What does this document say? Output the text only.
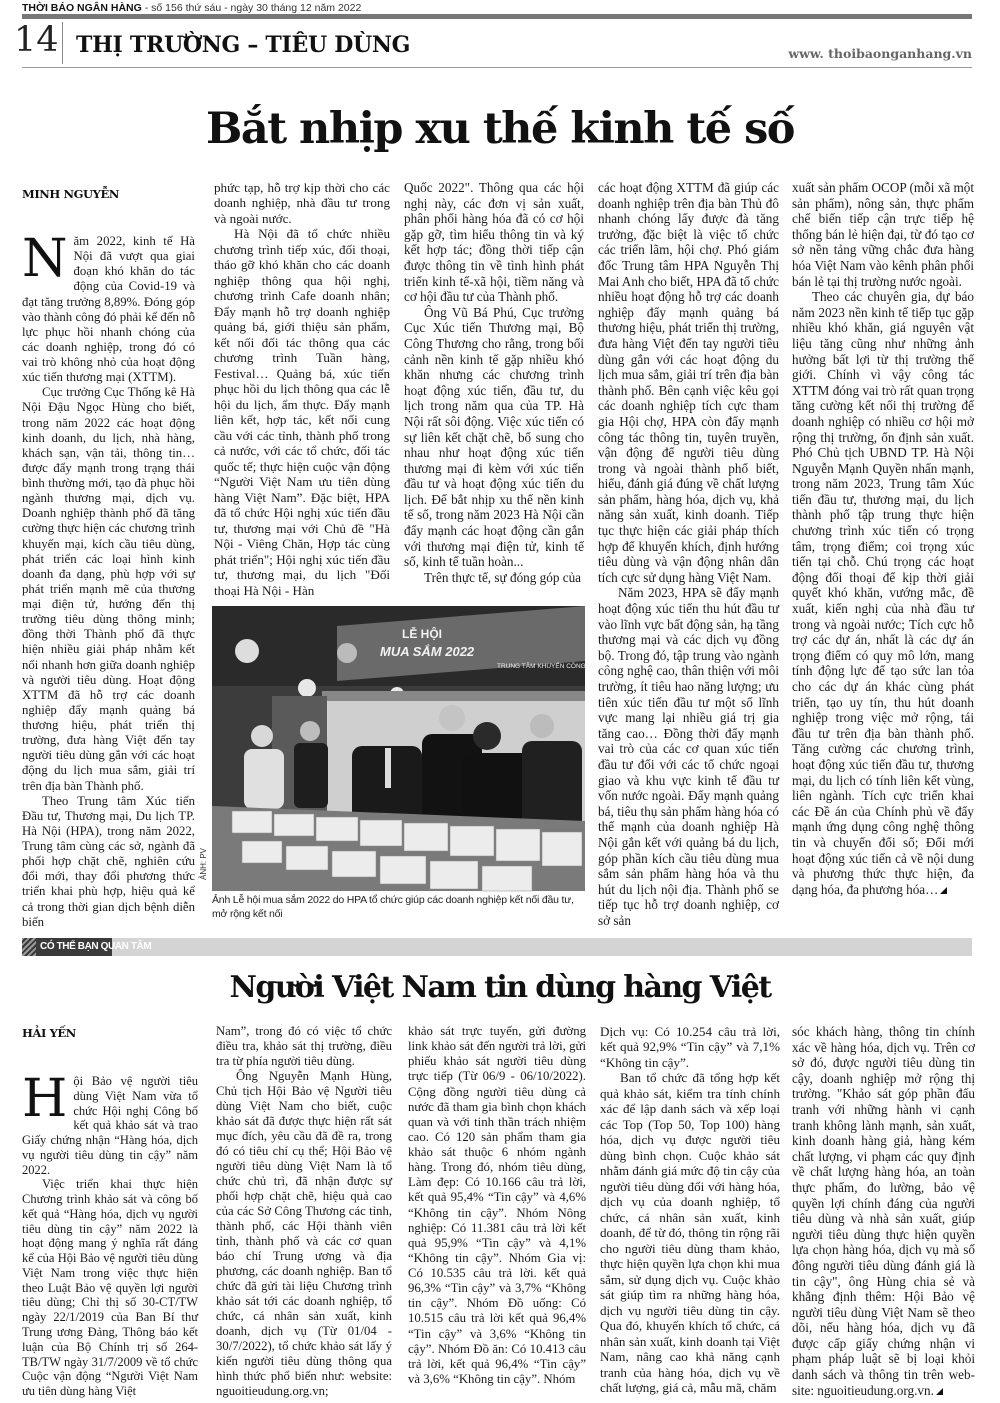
THỜI BÁO NGÂN HÀNG - số 156 thứ sáu - ngày 30 tháng 12 năm 2022
14 THỊ TRƯỜNG – TIÊU DÙNG	www. thoibaonganhang.vn
Bắt nhịp xu thế kinh tế số
MINH NGUYỄN
N ăm 2022, kinh tế Hà Nội đã vượt qua giai đoạn khó khăn do tác động của Covid-19 và đạt tăng trưởng 8,89%. Đóng góp vào thành công đó phải kể đến nỗ lực phục hồi nhanh chóng của các doanh nghiệp, trong đó có vai trò không nhỏ của hoạt động xúc tiến thương mại (XTTM).

Cục trưởng Cục Thống kê Hà Nội Đậu Ngọc Hùng cho biết, trong năm 2022 các hoạt động kinh doanh, du lịch, nhà hàng, khách sạn, vận tải, thông tin… được đẩy mạnh trong trạng thái bình thường mới, tạo đà phục hồi ngành thương mại, dịch vụ. Doanh nghiệp thành phố đã tăng cường thực hiện các chương trình khuyến mại, kích cầu tiêu dùng, phát triển các loại hình kinh doanh đa dạng, phù hợp với sự phát triển mạnh mẽ của thương mại điện tử, hướng đến thị trường tiêu dùng thông minh; đồng thời Thành phố đã thực hiện nhiều giải pháp nhằm kết nối nhanh hơn giữa doanh nghiệp và người tiêu dùng. Hoạt động XTTM đã hỗ trợ các doanh nghiệp đẩy mạnh quảng bá thương hiệu, phát triển thị trường, đưa hàng Việt đến tay người tiêu dùng gắn với các hoạt động du lịch mua sắm, giải trí trên địa bàn Thành phố.

Theo Trung tâm Xúc tiến Đầu tư, Thương mại, Du lịch TP. Hà Nội (HPA), trong năm 2022, Trung tâm cùng các sở, ngành đã phối hợp chặt chẽ, nghiên cứu đổi mới, thay đổi phương thức triển khai phù hợp, hiệu quả kể cả trong thời gian dịch bệnh diễn biến

phức tạp, hỗ trợ kịp thời cho các doanh nghiệp, nhà đầu tư trong và ngoài nước.

Hà Nội đã tổ chức nhiều chương trình tiếp xúc, đối thoại, tháo gỡ khó khăn cho các doanh nghiệp thông qua hội nghị, chương trình Cafe doanh nhân; Đẩy mạnh hỗ trợ doanh nghiệp quảng bá, giới thiệu sản phẩm, kết nối đối tác thông qua các chương trình Tuần hàng, Festival… Quảng bá, xúc tiến phục hồi du lịch thông qua các lễ hội du lịch, ẩm thực. Đẩy mạnh liên kết, hợp tác, kết nối cung cầu với các tỉnh, thành phố trong cả nước, với các tổ chức, đối tác quốc tế; thực hiện cuộc vận động “Người Việt Nam ưu tiên dùng hàng Việt Nam”. Đặc biệt, HPA đã tổ chức Hội nghị xúc tiến đầu tư, thương mại với Chủ đề "Hà Nội - Viêng Chăn, Hợp tác cùng phát triển"; Hội nghị xúc tiến đầu tư, thương mại, du lịch "Đối thoại Hà Nội - Hàn

Quốc 2022". Thông qua các hội nghị này, các đơn vị sản xuất, phân phối hàng hóa đã có cơ hội gặp gỡ, tìm hiểu thông tin và ký kết hợp tác; đồng thời tiếp cận được thông tin về tình hình phát triển kinh tế-xã hội, tiềm năng và cơ hội đầu tư của Thành phố.

Ông Vũ Bá Phú, Cục trưởng Cục Xúc tiến Thương mại, Bộ Công Thương cho rằng, trong bối cảnh nền kinh tế gặp nhiều khó khăn nhưng các chương trình hoạt động xúc tiến, đầu tư, du lịch trong năm qua của TP. Hà Nội rất sôi động. Việc xúc tiến có sự liên kết chặt chẽ, bổ sung cho nhau như hoạt động xúc tiến thương mại đi kèm với xúc tiến đầu tư và hoạt động xúc tiến du lịch. Để bắt nhịp xu thế nền kinh tế số, trong năm 2023 Hà Nội cần đẩy mạnh các hoạt động cần gắn với thương mại điện tử, kinh tế số, kinh tế tuần hoàn...

Trên thực tế, sự đóng góp của

các hoạt động XTTM đã giúp các doanh nghiệp trên địa bàn Thủ đô nhanh chóng lấy được đà tăng trưởng, đặc biệt là việc tổ chức các triển lãm, hội chợ. Phó giám đốc Trung tâm HPA Nguyễn Thị Mai Anh cho biết, HPA đã tổ chức nhiều hoạt động hỗ trợ các doanh nghiệp đẩy mạnh quảng bá thương hiệu, phát triển thị trường, đưa hàng Việt đến tay người tiêu dùng gắn với các hoạt động du lịch mua sắm, giải trí trên địa bàn thành phố. Bên cạnh việc kêu gọi các doanh nghiệp tích cực tham gia Hội chợ, HPA còn đẩy mạnh công tác thông tin, tuyên truyền, vận động để người tiêu dùng trong và ngoài thành phố biết, hiểu, đánh giá đúng về chất lượng sản phẩm, hàng hóa, dịch vụ, khả năng sản xuất, kinh doanh. Tiếp tục thực hiện các giải pháp thích hợp để khuyến khích, định hướng tiêu dùng và vận động nhân dân tích cực sử dụng hàng Việt Nam.

Năm 2023, HPA sẽ đẩy mạnh hoạt động xúc tiến thu hút đầu tư vào lĩnh vực bất động sản, hạ tầng thương mại và các dịch vụ đồng bộ. Trong đó, tập trung vào ngành công nghệ cao, thân thiện với môi trường, ít tiêu hao năng lượng; ưu tiên xúc tiến đầu tư một số lĩnh vực mang lại nhiều giá trị gia tăng cao… Đồng thời đẩy mạnh vai trò của các cơ quan xúc tiến đầu tư đối với các tổ chức ngoại giao và khu vực kinh tế đầu tư vốn nước ngoài. Đẩy mạnh quảng bá, tiêu thụ sản phẩm hàng hóa có thế mạnh của doanh nghiệp Hà Nội gắn kết với quảng bá du lịch, góp phần kích cầu tiêu dùng mua sắm sản phẩm hàng hóa và thu hút du lịch nội địa. Thành phố se tiếp tục hỗ trợ doanh nghiệp, cơ sở sản

xuất sản phẩm OCOP (mỗi xã một sản phẩm), nông sản, thực phẩm chế biến tiếp cận trực tiếp hệ thống bán lẻ hiện đại, từ đó tạo cơ sở nền tảng vững chắc đưa hàng hóa Việt Nam vào kênh phân phối bán lẻ tại thị trường nước ngoài.

Theo các chuyên gia, dự báo năm 2023 nền kinh tế tiếp tục gặp nhiều khó khăn, giá nguyên vật liệu tăng cũng như những ảnh hưởng bất lợi từ thị trường thế giới. Chính vì vậy công tác XTTM đóng vai trò rất quan trọng tăng cường kết nối thị trường để doanh nghiệp có nhiều cơ hội mở rộng thị trường, ổn định sản xuất. Phó Chủ tịch UBND TP. Hà Nội Nguyễn Mạnh Quyền nhấn mạnh, trong năm 2023, Trung tâm Xúc tiến đầu tư, thương mại, du lịch thành phố tập trung thực hiện chương trình xúc tiến có trọng tâm, trọng điểm; coi trọng xúc tiến tại chỗ. Chú trọng các hoạt động đối thoại để kịp thời giải quyết khó khăn, vướng mắc, đề xuất, kiến nghị của nhà đầu tư trong và ngoài nước; Tích cực hỗ trợ các dự án, nhất là các dự án trọng điểm có quy mô lớn, mang tính động lực để tạo sức lan tỏa cho các dự án khác cùng phát triển, tạo uy tín, thu hút doanh nghiệp trong việc mở rộng, tái đầu tư trên địa bàn thành phố. Tăng cường các chương trình, hoạt động xúc tiến đầu tư, thương mại, du lịch có tính liên kết vùng, liên ngành. Tích cực triển khai các Đề án của Chính phủ về đẩy mạnh ứng dụng công nghệ thông tin và chuyển đổi số; Đổi mới hoạt động xúc tiến cả về nội dung và phương thức thực hiện, đa dạng hóa, đa phương hóa…

LỄ HỘI
MUA SẮM 2022
TRUNG TÂM KHUYẾN CÔNG VÀ XÚ
ẢNH: PV
Ảnh Lễ hội mua sắm 2022 do HPA tổ chức giúp các doanh nghiệp kết nối đầu tư, mở rộng kết nối
CÓ THỂ BẠN QUAN TÂM
Người Việt Nam tin dùng hàng Việt
HẢI YẾN
H ội Bảo vệ người tiêu dùng Việt Nam vừa tổ chức Hội nghị Công bố kết quả khảo sát và trao Giấy chứng nhận “Hàng hóa, dịch vụ người tiêu dùng tin cậy” năm 2022.

Việc triển khai thực hiện Chương trình khảo sát và công bố kết quả “Hàng hóa, dịch vụ người tiêu dùng tin cậy” năm 2022 là hoạt động mang ý nghĩa rất đáng kể của Hội Bảo vệ người tiêu dùng Việt Nam trong việc thực hiện theo Luật Bảo vệ quyền lợi người tiêu dùng; Chỉ thị số 30-CT/TW ngày 22/1/2019 của Ban Bí thư Trung ương Đảng, Thông báo kết luận của Bộ Chính trị số 264-TB/TW ngày 31/7/2009 về tổ chức Cuộc vận động “Người Việt Nam ưu tiên dùng hàng Việt

Nam”, trong đó có việc tổ chức điều tra, khảo sát thị trường, điều tra từ phía người tiêu dùng.

Ông Nguyễn Mạnh Hùng, Chủ tịch Hội Bảo vệ Người tiêu dùng Việt Nam cho biết, cuộc khảo sát đã được thực hiện rất sát mục đích, yêu cầu đã đề ra, trong đó có tiêu chí cụ thể; Hội Bảo vệ người tiêu dùng Việt Nam là tổ chức chủ trì, đã nhận được sự phối hợp chặt chẽ, hiệu quả cao của các Sở Công Thương các tỉnh, thành phố, các Hội thành viên tỉnh, thành phố và các cơ quan báo chí Trung ương và địa phương, các doanh nghiệp. Ban tổ chức đã gửi tài liệu Chương trình khảo sát tới các doanh nghiệp, tổ chức, cá nhân sản xuất, kinh doanh, dịch vụ (Từ 01/04 - 30/7/2022), tổ chức khảo sát lấy ý kiến người tiêu dùng thông qua hình thức phổ biến như: website: nguoitieudung.org.vn;

khảo sát trực tuyến, gửi đường link khảo sát đến người trả lời, gửi phiếu khảo sát người tiêu dùng trực tiếp (Từ 06/9 - 06/10/2022). Cộng đồng người tiêu dùng cả nước đã tham gia bình chọn khách quan và với tinh thần trách nhiệm cao. Có 120 sản phẩm tham gia khảo sát thuộc 6 nhóm ngành hàng. Trong đó, nhóm tiêu dùng, Làm đẹp: Có 10.166 câu trả lời, kết quả 95,4% “Tin cậy” và 4,6% “Không tin cậy”. Nhóm Nông nghiệp: Có 11.381 câu trả lời kết quả 95,9% “Tin cậy” và 4,1% “Không tin cậy”. Nhóm Gia vị: Có 10.535 câu trả lời. kết quả 96,3% “Tin cậy” và 3,7% “Không tin cậy”. Nhóm Đồ uống: Có 10.515 câu trả lời kết quả 96,4% “Tin cậy” và 3,6% “Không tin cậy”. Nhóm Đồ ăn: Có 10.413 câu trả lời, kết quả 96,4% “Tin cậy” và 3,6% “Không tin cậy”. Nhóm

Dịch vụ: Có 10.254 câu trả lời, kết quả 92,9% “Tin cậy” và 7,1% “Không tin cậy”.

Ban tổ chức đã tổng hợp kết quả khảo sát, kiểm tra tính chính xác để lập danh sách và xếp loại các Top (Top 50, Top 100) hàng hóa, dịch vụ được người tiêu dùng bình chọn. Cuộc khảo sát nhằm đánh giá mức độ tin cậy của người tiêu dùng đối với hàng hóa, dịch vụ của doanh nghiệp, tổ chức, cá nhân sản xuất, kinh doanh, để từ đó, thông tin rộng rãi cho người tiêu dùng tham khảo, thực hiện quyền lựa chọn khi mua sắm, sử dụng dịch vụ. Cuộc khảo sát giúp tìm ra những hàng hóa, dịch vụ người tiêu dùng tin cậy. Qua đó, khuyến khích tổ chức, cá nhân sản xuất, kinh doanh tại Việt Nam, nâng cao khả năng cạnh tranh của hàng hóa, dịch vụ về chất lượng, giá cả, mẫu mã, chăm

sóc khách hàng, thông tin chính xác về hàng hóa, dịch vụ. Trên cơ sở đó, được người tiêu dùng tin cậy, doanh nghiệp mở rộng thị trường. "Khảo sát góp phần đấu tranh với những hành vi cạnh tranh không lành mạnh, sản xuất, kinh doanh hàng giả, hàng kém chất lượng, vi phạm các quy định về chất lượng hàng hóa, an toàn thực phẩm, đo lường, bảo vệ quyền lợi chính đáng của người tiêu dùng và nhà sản xuất, giúp người tiêu dùng thực hiện quyền lựa chọn hàng hóa, dịch vụ mà số đông người tiêu dùng đánh giá là tin cậy", ông Hùng chia sẻ và khẳng định thêm: Hội Bảo vệ người tiêu dùng Việt Nam sẽ theo dõi, nếu hàng hóa, dịch vụ đã được cấp giấy chứng nhận vi phạm pháp luật sẽ bị loại khỏi danh sách và thông tin trên web-site: nguoitieudung.org.vn.
